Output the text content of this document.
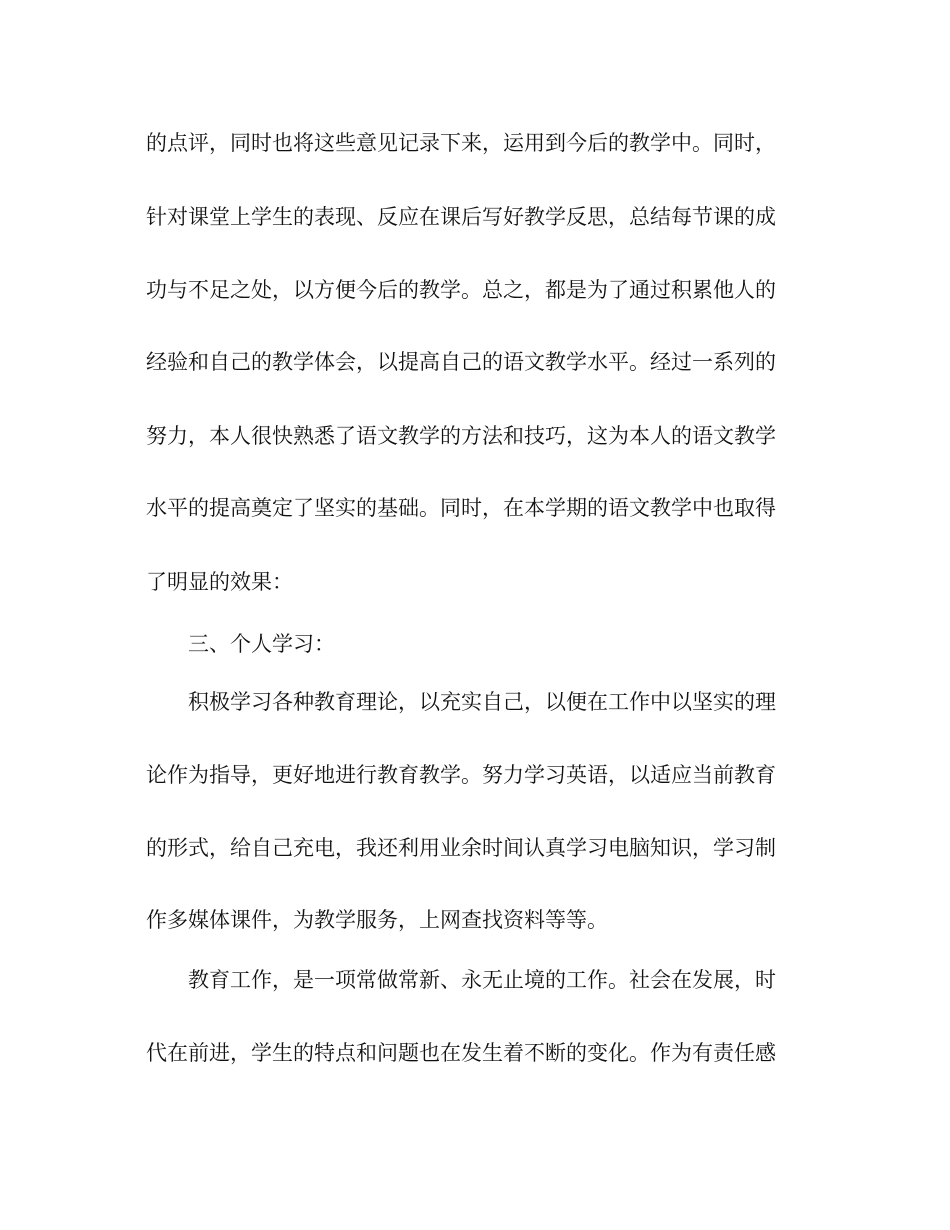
的点评，同时也将这些意见记录下来，运用到今后的教学中。同时，
针对课堂上学生的表现、反应在课后写好教学反思，总结每节课的成
功与不足之处，以方便今后的教学。总之，都是为了通过积累他人的
经验和自己的教学体会，以提高自己的语文教学水平。经过一系列的
努力，本人很快熟悉了语文教学的方法和技巧，这为本人的语文教学
水平的提高奠定了坚实的基础。同时，在本学期的语文教学中也取得
了明显的效果：
三、个人学习：
积极学习各种教育理论，以充实自己，以便在工作中以坚实的理
论作为指导，更好地进行教育教学。努力学习英语，以适应当前教育
的形式，给自己充电，我还利用业余时间认真学习电脑知识，学习制
作多媒体课件，为教学服务，上网查找资料等等。
教育工作，是一项常做常新、永无止境的工作。社会在发展，时
代在前进，学生的特点和问题也在发生着不断的变化。作为有责任感
